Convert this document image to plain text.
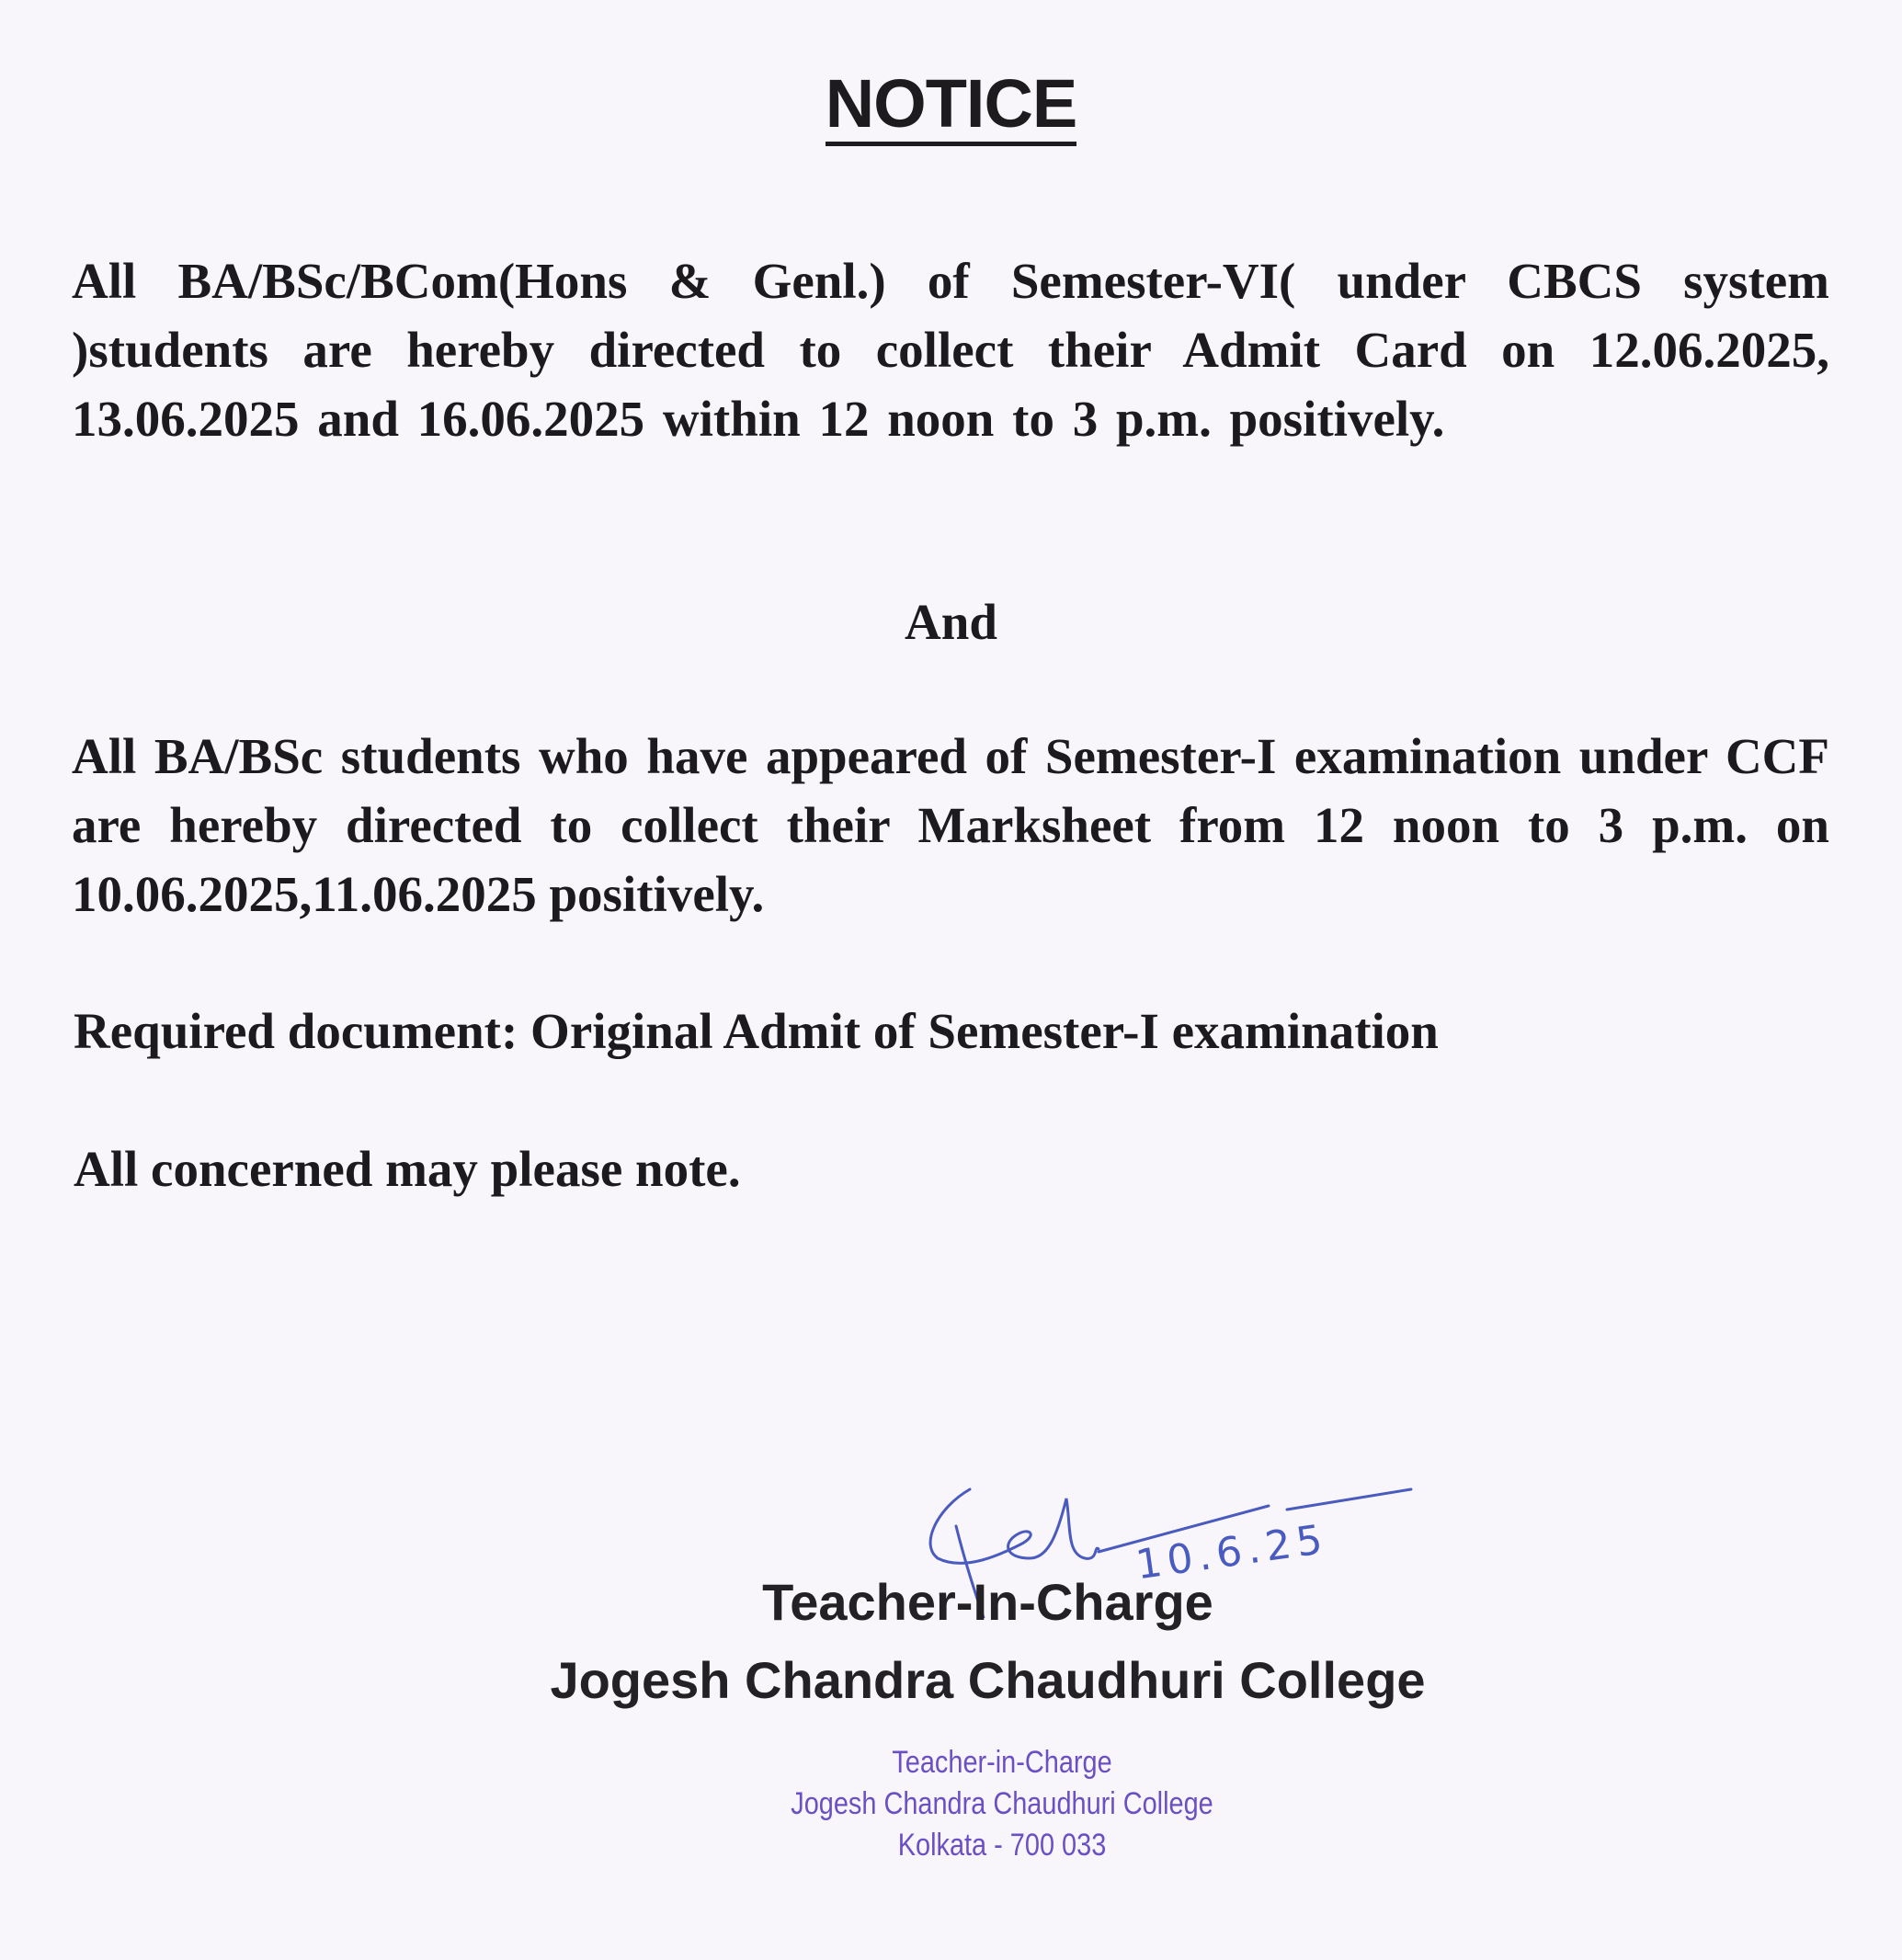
NOTICE
All BA/BSc/BCom(Hons & Genl.) of Semester-VI( under CBCS system )students are hereby directed to collect their Admit Card on 12.06.2025, 13.06.2025 and 16.06.2025 within 12 noon to 3 p.m. positively.
And
All BA/BSc students who have appeared of Semester-I examination under CCF are hereby directed to collect their Marksheet from 12 noon to 3 p.m. on 10.06.2025,11.06.2025 positively.
Required document: Original Admit of Semester-I examination
All concerned may please note.
10.6.25
Teacher-In-Charge
Jogesh Chandra Chaudhuri College
Teacher-in-Charge
Jogesh Chandra Chaudhuri College
Kolkata - 700 033
